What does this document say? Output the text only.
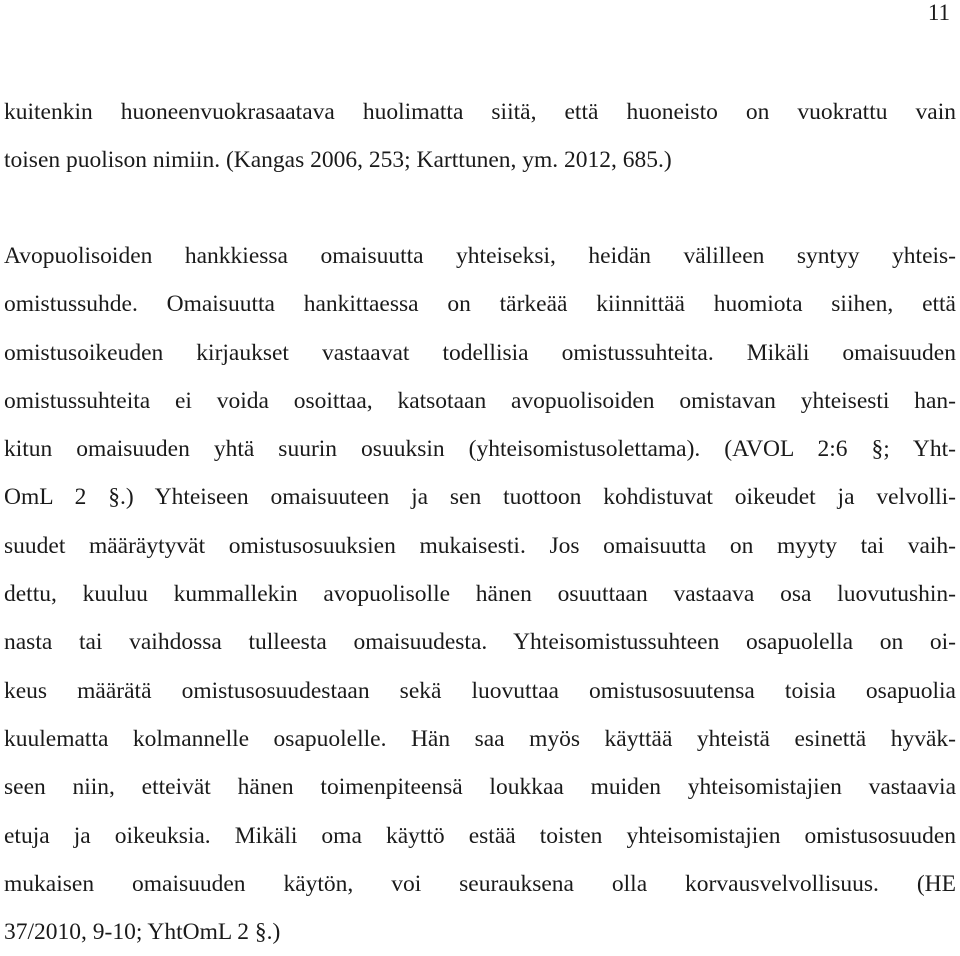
11
kuitenkin huoneenvuokrasaatava huolimatta siitä, että huoneisto on vuokrattu vain
toisen puolison nimiin. (Kangas 2006, 253; Karttunen, ym. 2012, 685.)
Avopuolisoiden hankkiessa omaisuutta yhteiseksi, heidän välilleen syntyy yhteis-
omistussuhde. Omaisuutta hankittaessa on tärkeää kiinnittää huomiota siihen, että
omistusoikeuden kirjaukset vastaavat todellisia omistussuhteita. Mikäli omaisuuden
omistussuhteita ei voida osoittaa, katsotaan avopuolisoiden omistavan yhteisesti han-
kitun omaisuuden yhtä suurin osuuksin (yhteisomistusolettama). (AVOL 2:6 §; Yht-
OmL 2 §.) Yhteiseen omaisuuteen ja sen tuottoon kohdistuvat oikeudet ja velvolli-
suudet määräytyvät omistusosuuksien mukaisesti. Jos omaisuutta on myyty tai vaih-
dettu, kuuluu kummallekin avopuolisolle hänen osuuttaan vastaava osa luovutushin-
nasta tai vaihdossa tulleesta omaisuudesta. Yhteisomistussuhteen osapuolella on oi-
keus määrätä omistusosuudestaan sekä luovuttaa omistusosuutensa toisia osapuolia
kuulematta kolmannelle osapuolelle. Hän saa myös käyttää yhteistä esinettä hyväk-
seen niin, etteivät hänen toimenpiteensä loukkaa muiden yhteisomistajien vastaavia
etuja ja oikeuksia. Mikäli oma käyttö estää toisten yhteisomistajien omistusosuuden
mukaisen omaisuuden käytön, voi seurauksena olla korvausvelvollisuus. (HE
37/2010, 9-10; YhtOmL 2 §.)
